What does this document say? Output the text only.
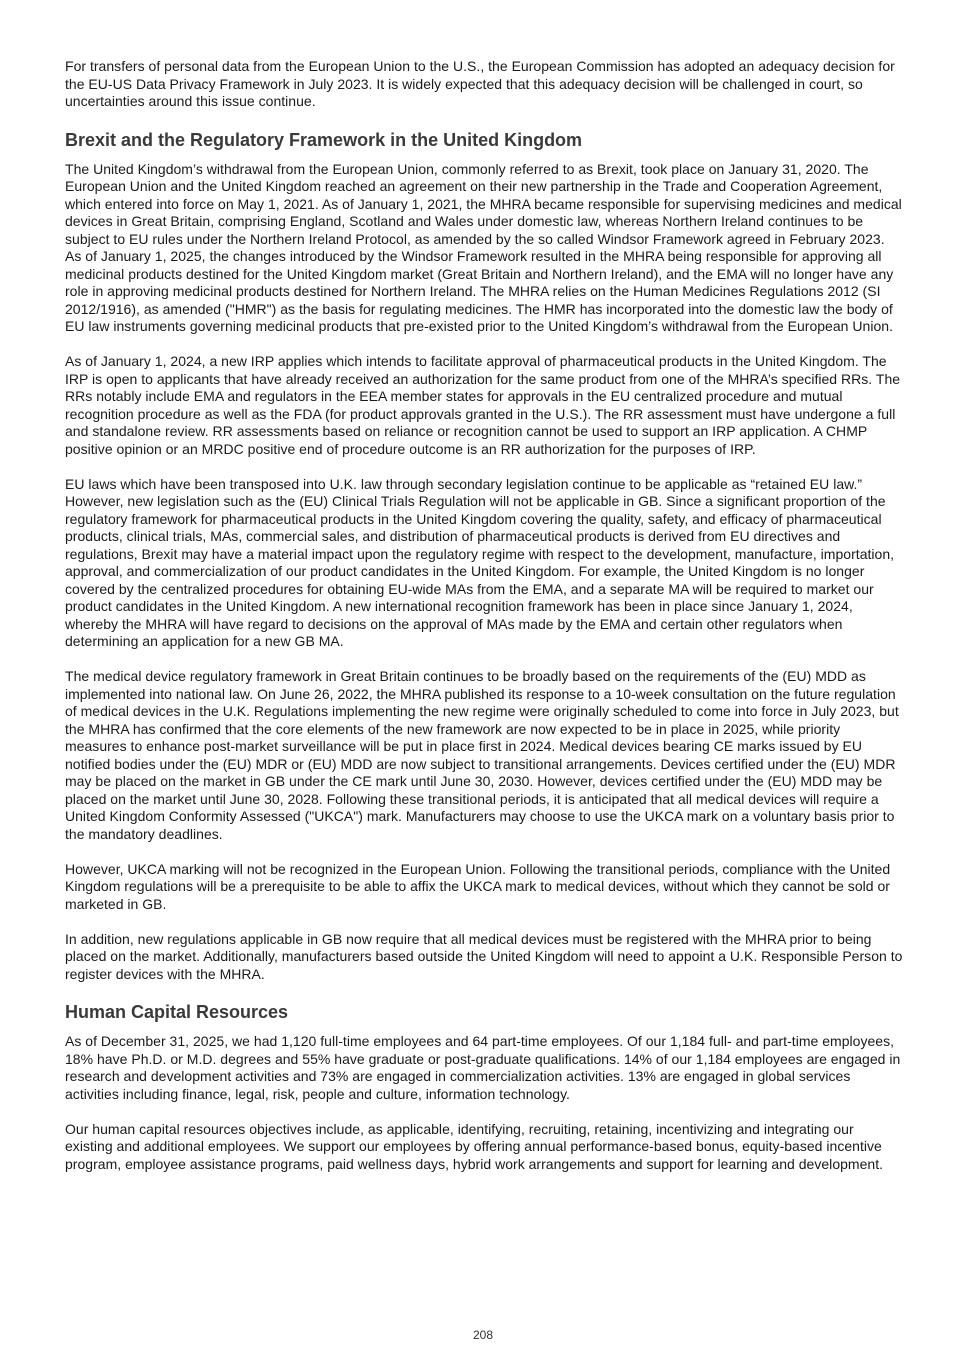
For transfers of personal data from the European Union to the U.S., the European Commission has adopted an adequacy decision for the EU-US Data Privacy Framework in July 2023. It is widely expected that this adequacy decision will be challenged in court, so uncertainties around this issue continue.

Brexit and the Regulatory Framework in the United Kingdom

The United Kingdom’s withdrawal from the European Union, commonly referred to as Brexit, took place on January 31, 2020. The European Union and the United Kingdom reached an agreement on their new partnership in the Trade and Cooperation Agreement, which entered into force on May 1, 2021. As of January 1, 2021, the MHRA became responsible for supervising medicines and medical devices in Great Britain, comprising England, Scotland and Wales under domestic law, whereas Northern Ireland continues to be subject to EU rules under the Northern Ireland Protocol, as amended by the so called Windsor Framework agreed in February 2023. As of January 1, 2025, the changes introduced by the Windsor Framework resulted in the MHRA being responsible for approving all medicinal products destined for the United Kingdom market (Great Britain and Northern Ireland), and the EMA will no longer have any role in approving medicinal products destined for Northern Ireland. The MHRA relies on the Human Medicines Regulations 2012 (SI 2012/1916), as amended ("HMR") as the basis for regulating medicines. The HMR has incorporated into the domestic law the body of EU law instruments governing medicinal products that pre-existed prior to the United Kingdom’s withdrawal from the European Union.

As of January 1, 2024, a new IRP applies which intends to facilitate approval of pharmaceutical products in the United Kingdom. The IRP is open to applicants that have already received an authorization for the same product from one of the MHRA’s specified RRs. The RRs notably include EMA and regulators in the EEA member states for approvals in the EU centralized procedure and mutual recognition procedure as well as the FDA (for product approvals granted in the U.S.). The RR assessment must have undergone a full and standalone review. RR assessments based on reliance or recognition cannot be used to support an IRP application. A CHMP positive opinion or an MRDC positive end of procedure outcome is an RR authorization for the purposes of IRP.

EU laws which have been transposed into U.K. law through secondary legislation continue to be applicable as “retained EU law.” However, new legislation such as the (EU) Clinical Trials Regulation will not be applicable in GB. Since a significant proportion of the regulatory framework for pharmaceutical products in the United Kingdom covering the quality, safety, and efficacy of pharmaceutical products, clinical trials, MAs, commercial sales, and distribution of pharmaceutical products is derived from EU directives and regulations, Brexit may have a material impact upon the regulatory regime with respect to the development, manufacture, importation, approval, and commercialization of our product candidates in the United Kingdom. For example, the United Kingdom is no longer covered by the centralized procedures for obtaining EU-wide MAs from the EMA, and a separate MA will be required to market our product candidates in the United Kingdom. A new international recognition framework has been in place since January 1, 2024, whereby the MHRA will have regard to decisions on the approval of MAs made by the EMA and certain other regulators when determining an application for a new GB MA.

The medical device regulatory framework in Great Britain continues to be broadly based on the requirements of the (EU) MDD as implemented into national law. On June 26, 2022, the MHRA published its response to a 10-week consultation on the future regulation of medical devices in the U.K. Regulations implementing the new regime were originally scheduled to come into force in July 2023, but the MHRA has confirmed that the core elements of the new framework are now expected to be in place in 2025, while priority measures to enhance post-market surveillance will be put in place first in 2024. Medical devices bearing CE marks issued by EU notified bodies under the (EU) MDR or (EU) MDD are now subject to transitional arrangements. Devices certified under the (EU) MDR may be placed on the market in GB under the CE mark until June 30, 2030. However, devices certified under the (EU) MDD may be placed on the market until June 30, 2028. Following these transitional periods, it is anticipated that all medical devices will require a United Kingdom Conformity Assessed ("UKCA") mark. Manufacturers may choose to use the UKCA mark on a voluntary basis prior to the mandatory deadlines.

However, UKCA marking will not be recognized in the European Union. Following the transitional periods, compliance with the United Kingdom regulations will be a prerequisite to be able to affix the UKCA mark to medical devices, without which they cannot be sold or marketed in GB.

In addition, new regulations applicable in GB now require that all medical devices must be registered with the MHRA prior to being placed on the market. Additionally, manufacturers based outside the United Kingdom will need to appoint a U.K. Responsible Person to register devices with the MHRA.

Human Capital Resources

As of December 31, 2025, we had 1,120 full-time employees and 64 part-time employees. Of our 1,184 full- and part-time employees, 18% have Ph.D. or M.D. degrees and 55% have graduate or post-graduate qualifications. 14% of our 1,184 employees are engaged in research and development activities and 73% are engaged in commercialization activities. 13% are engaged in global services activities including finance, legal, risk, people and culture, information technology.

Our human capital resources objectives include, as applicable, identifying, recruiting, retaining, incentivizing and integrating our existing and additional employees. We support our employees by offering annual performance-based bonus, equity-based incentive program, employee assistance programs, paid wellness days, hybrid work arrangements and support for learning and development.

208
